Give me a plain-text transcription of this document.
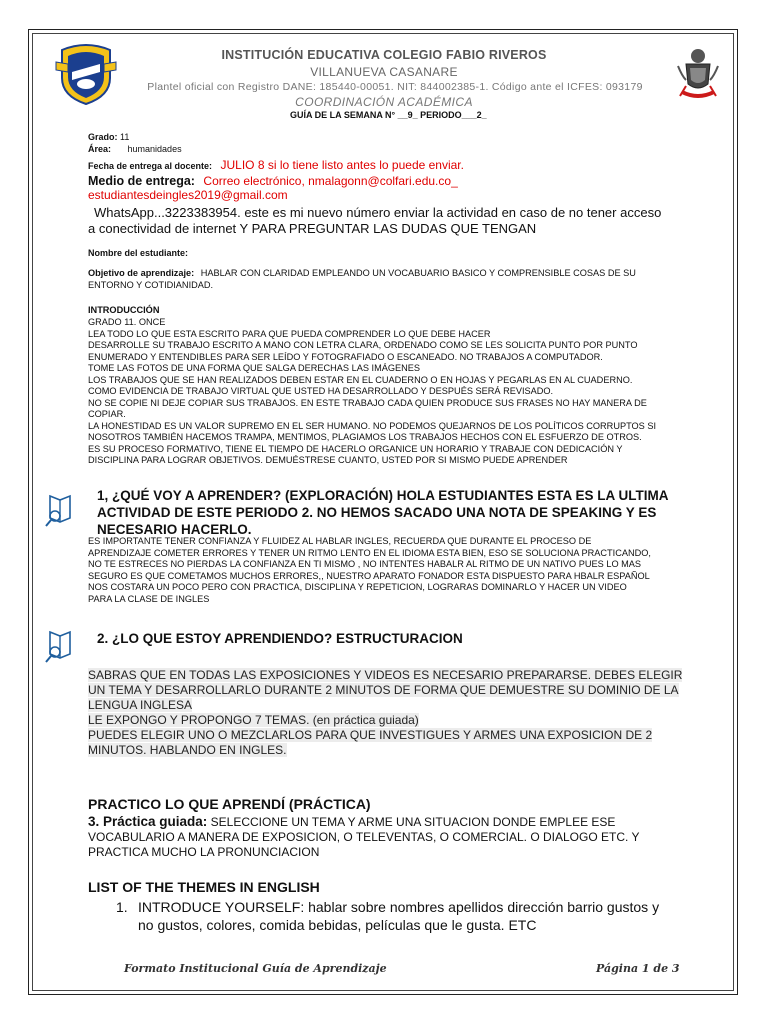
INSTITUCIÓN EDUCATIVA COLEGIO FABIO RIVEROS
VILLANUEVA CASANARE
Plantel oficial con Registro DANE: 185440-00051. NIT: 844002385-1. Código ante el ICFES: 093179
COORDINACIÓN ACADÉMICA
GUÍA DE LA SEMANA N° __9_ PERIODO___2_
Grado: 11
Área: humanidades
Fecha de entrega al docente: JULIO 8 si lo tiene listo antes lo puede enviar.
Medio de entrega: Correo electrónico, nmalagonn@colfari.edu.co_
estudiantesdeingles2019@gmail.com
WhatsApp...3223383954. este es mi nuevo número enviar la actividad en caso de no tener acceso
a conectividad de internet Y PARA PREGUNTAR LAS DUDAS QUE TENGAN
Nombre del estudiante:
Objetivo de aprendizaje: HABLAR CON CLARIDAD EMPLEANDO UN VOCABUARIO BASICO Y COMPRENSIBLE COSAS DE SU
ENTORNO Y COTIDIANIDAD.
INTRODUCCIÓN
GRADO 11. ONCE
LEA TODO LO QUE ESTA ESCRITO PARA QUE PUEDA COMPRENDER LO QUE DEBE HACER
DESARROLLE SU TRABAJO ESCRITO A MANO CON LETRA CLARA, ORDENADO COMO SE LES SOLICITA PUNTO POR PUNTO
ENUMERADO Y ENTENDIBLES PARA SER LEÍDO Y FOTOGRAFIADO O ESCANEADO. NO TRABAJOS A COMPUTADOR.
TOME LAS FOTOS DE UNA FORMA QUE SALGA DERECHAS LAS IMÁGENES
LOS TRABAJOS QUE SE HAN REALIZADOS DEBEN ESTAR EN EL CUADERNO O EN HOJAS Y PEGARLAS EN AL CUADERNO.
COMO EVIDENCIA DE TRABAJO VIRTUAL QUE USTED HA DESARROLLADO Y DESPUÉS SERÁ REVISADO.
NO SE COPIE NI DEJE COPIAR SUS TRABAJOS. EN ESTE TRABAJO CADA QUIEN PRODUCE SUS FRASES NO HAY MANERA DE
COPIAR.
LA HONESTIDAD ES UN VALOR SUPREMO EN EL SER HUMANO. NO PODEMOS QUEJARNOS DE LOS POLÍTICOS CORRUPTOS SI
NOSOTROS TAMBIÉN HACEMOS TRAMPA, MENTIMOS, PLAGIAMOS LOS TRABAJOS HECHOS CON EL ESFUERZO DE OTROS.
ES SU PROCESO FORMATIVO, TIENE EL TIEMPO DE HACERLO ORGANICE UN HORARIO Y TRABAJE CON DEDICACIÓN Y
DISCIPLINA PARA LOGRAR OBJETIVOS. DEMUÉSTRESE CUANTO, USTED POR SI MISMO PUEDE APRENDER
1, ¿QUÉ VOY A APRENDER? (EXPLORACIÓN) HOLA ESTUDIANTES ESTA ES LA ULTIMA
ACTIVIDAD DE ESTE PERIODO 2. NO HEMOS SACADO UNA NOTA DE SPEAKING Y ES
NECESARIO HACERLO.
ES IMPORTANTE TENER CONFIANZA Y FLUIDEZ AL HABLAR INGLES, RECUERDA QUE DURANTE EL PROCESO DE
APRENDIZAJE COMETER ERRORES Y TENER UN RITMO LENTO EN EL IDIOMA ESTA BIEN, ESO SE SOLUCIONA PRACTICANDO,
NO TE ESTRECES NO PIERDAS LA CONFIANZA EN TI MISMO , NO INTENTES HABALR AL RITMO DE UN NATIVO PUES LO MAS
SEGURO ES QUE COMETAMOS MUCHOS ERRORES,, NUESTRO APARATO FONADOR ESTA DISPUESTO PARA HBALR ESPAÑOL
NOS COSTARA UN POCO PERO CON PRACTICA, DISCIPLINA Y REPETICION, LOGRARAS DOMINARLO Y HACER UN VIDEO
PARA LA CLASE DE INGLES
2. ¿LO QUE ESTOY APRENDIENDO? ESTRUCTURACION
SABRAS QUE EN TODAS LAS EXPOSICIONES Y VIDEOS ES NECESARIO PREPARARSE. DEBES ELEGIR
UN TEMA Y DESARROLLARLO DURANTE 2 MINUTOS DE FORMA QUE DEMUESTRE SU DOMINIO DE LA
LENGUA INGLESA
LE EXPONGO Y PROPONGO 7 TEMAS. (en práctica guiada)
PUEDES ELEGIR UNO O MEZCLARLOS PARA QUE INVESTIGUES Y ARMES UNA EXPOSICION DE 2
MINUTOS. HABLANDO EN INGLES.
PRACTICO LO QUE APRENDÍ (PRÁCTICA)
3. Práctica guiada: SELECCIONE UN TEMA Y ARME UNA SITUACION DONDE EMPLEE ESE
VOCABULARIO A MANERA DE EXPOSICION, O TELEVENTAS, O COMERCIAL. O DIALOGO ETC. Y
PRACTICA MUCHO LA PRONUNCIACION
LIST OF THE THEMES IN ENGLISH
1. INTRODUCE YOURSELF: hablar sobre nombres apellidos dirección barrio gustos y
no gustos, colores, comida bebidas, películas que le gusta. ETC
Formato Institucional Guía de Aprendizaje	Página 1 de 3
